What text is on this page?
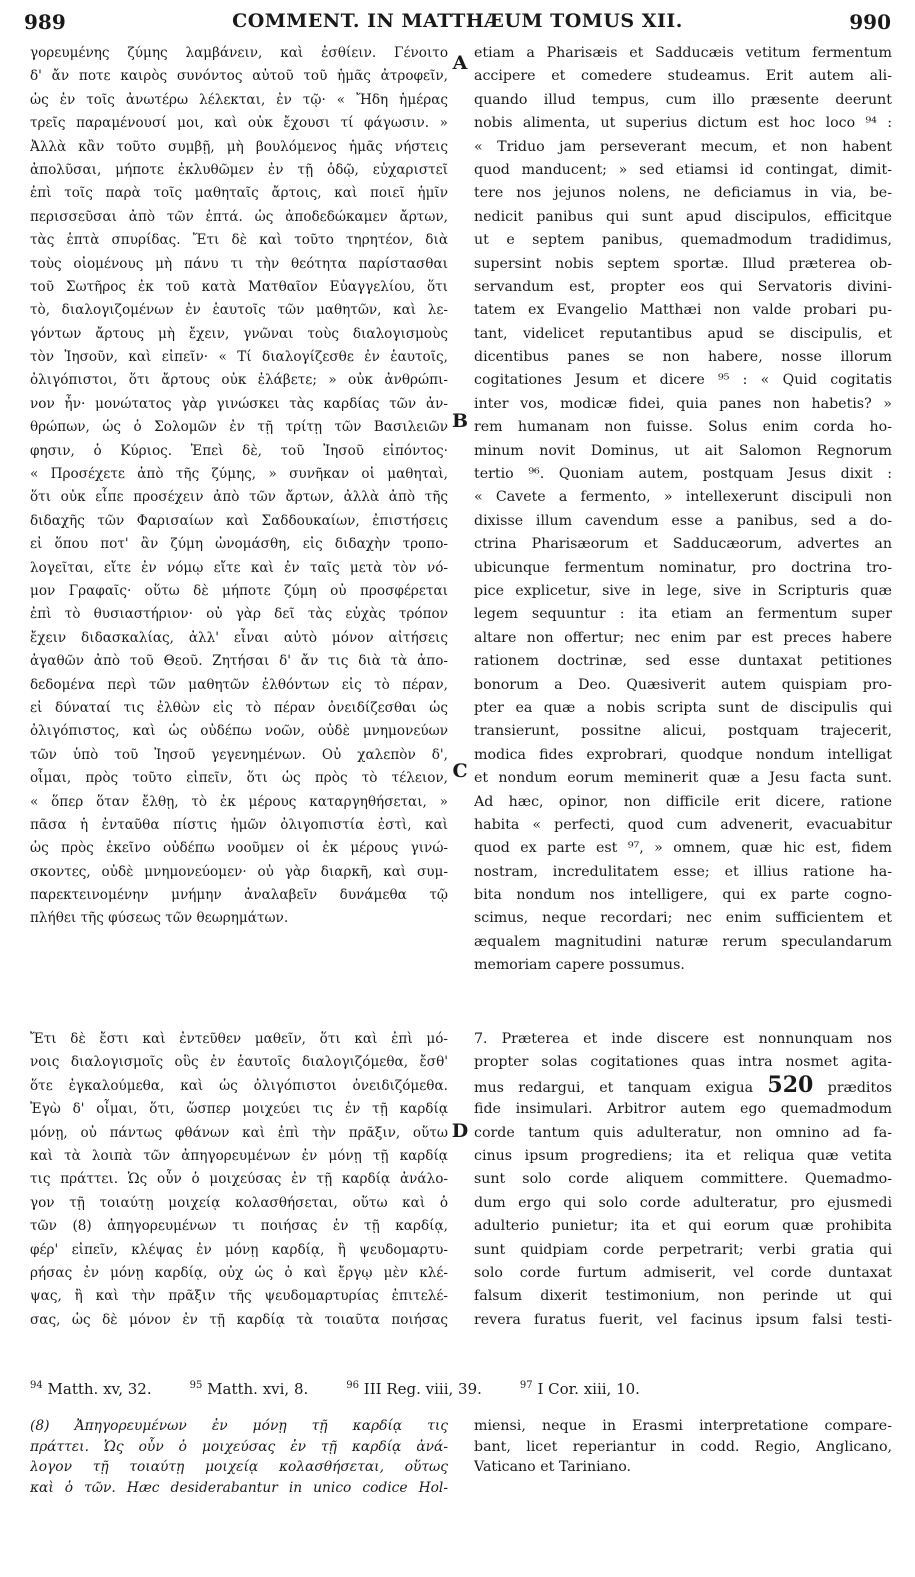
989	COMMENT. IN MATTHÆUM TOMUS XII.	990
γορευμένης ζύμης λαμβάνειν, καὶ ἐσθίειν. Γένοιτο
δ' ἄν ποτε καιρὸς συνόντος αὐτοῦ τοῦ ἡμᾶς ἀτροφεῖν,
ὡς ἐν τοῖς ἀνωτέρω λέλεκται, ἐν τῷ· « Ἤδη ἡμέρας
τρεῖς παραμένουσί μοι, καὶ οὐκ ἔχουσι τί φάγωσιν. »
Ἀλλὰ κἂν τοῦτο συμβῇ, μὴ βουλόμενος ἡμᾶς νήστεις
ἀπολῦσαι, μήποτε ἐκλυθῶμεν ἐν τῇ ὁδῷ, εὐχαριστεῖ
ἐπὶ τοῖς παρὰ τοῖς μαθηταῖς ἄρτοις, καὶ ποιεῖ ἡμῖν
περισσεῦσαι ἀπὸ τῶν ἑπτά. ὡς ἀποδεδώκαμεν ἄρτων,
τὰς ἑπτὰ σπυρίδας. Ἔτι δὲ καὶ τοῦτο τηρητέον, διὰ
τοὺς οἰομένους μὴ πάνυ τι τὴν θεότητα παρίστασθαι
τοῦ Σωτῆρος ἐκ τοῦ κατὰ Ματθαῖον Εὐαγγελίου, ὅτι
τὸ, διαλογιζομένων ἐν ἑαυτοῖς τῶν μαθητῶν, καὶ λε-
γόντων ἄρτους μὴ ἔχειν, γνῶναι τοὺς διαλογισμοὺς
τὸν Ἰησοῦν, καὶ εἰπεῖν· « Τί διαλογίζεσθε ἐν ἑαυτοῖς,
ὀλιγόπιστοι, ὅτι ἄρτους οὐκ ἐλάβετε; » οὐκ ἀνθρώπι-
νον ἦν· μονώτατος γὰρ γινώσκει τὰς καρδίας τῶν ἀν-
θρώπων, ὡς ὁ Σολομῶν ἐν τῇ τρίτῃ τῶν Βασιλειῶν
φησιν, ὁ Κύριος. Ἐπεὶ δὲ, τοῦ Ἰησοῦ εἰπόντος·
« Προσέχετε ἀπὸ τῆς ζύμης, » συνῆκαν οἱ μαθηταὶ,
ὅτι οὐκ εἶπε προσέχειν ἀπὸ τῶν ἄρτων, ἀλλὰ ἀπὸ τῆς
διδαχῆς τῶν Φαρισαίων καὶ Σαδδουκαίων, ἐπιστήσεις
εἰ ὅπου ποτ' ἂν ζύμη ὠνομάσθη, εἰς διδαχὴν τροπο-
λογεῖται, εἴτε ἐν νόμῳ εἴτε καὶ ἐν ταῖς μετὰ τὸν νό-
μον Γραφαῖς· οὕτω δὲ μήποτε ζύμη οὐ προσφέρεται
ἐπὶ τὸ θυσιαστήριον· οὐ γὰρ δεῖ τὰς εὐχὰς τρόπον
ἔχειν διδασκαλίας, ἀλλ' εἶναι αὐτὸ μόνον αἰτήσεις
ἀγαθῶν ἀπὸ τοῦ Θεοῦ. Ζητήσαι δ' ἄν τις διὰ τὰ ἀπο-
δεδομένα περὶ τῶν μαθητῶν ἐλθόντων εἰς τὸ πέραν,
εἰ δύναταί τις ἐλθὼν εἰς τὸ πέραν ὀνειδίζεσθαι ὡς
ὀλιγόπιστος, καὶ ὡς οὐδέπω νοῶν, οὐδὲ μνημονεύων
τῶν ὑπὸ τοῦ Ἰησοῦ γεγενημένων. Οὐ χαλεπὸν δ',
οἶμαι, πρὸς τοῦτο εἰπεῖν, ὅτι ὡς πρὸς τὸ τέλειον,
« ὅπερ ὅταν ἔλθῃ, τὸ ἐκ μέρους καταργηθήσεται, »
πᾶσα ἡ ἐνταῦθα πίστις ἡμῶν ὀλιγοπιστία ἐστὶ, καὶ
ὡς πρὸς ἐκεῖνο οὐδέπω νοοῦμεν οἱ ἐκ μέρους γινώ-
σκοντες, οὐδὲ μνημονεύομεν· οὐ γὰρ διαρκῆ, καὶ συμ-
παρεκτεινομένην μνήμην ἀναλαβεῖν δυνάμεθα τῷ
πλήθει τῆς φύσεως τῶν θεωρημάτων.
etiam a Pharisæis et Sadducæis vetitum fermentum
accipere et comedere studeamus. Erit autem ali-
quando illud tempus, cum illo præsente deerunt
nobis alimenta, ut superius dictum est hoc loco ⁹⁴ :
« Triduo jam perseverant mecum, et non habent
quod manducent; » sed etiamsi id contingat, dimit-
tere nos jejunos nolens, ne deficiamus in via, be-
nedicit panibus qui sunt apud discipulos, efficitque
ut e septem panibus, quemadmodum tradidimus,
supersint nobis septem sportæ. Illud præterea ob-
servandum est, propter eos qui Servatoris divini-
tatem ex Evangelio Matthæi non valde probari pu-
tant, videlicet reputantibus apud se discipulis, et
dicentibus panes se non habere, nosse illorum
cogitationes Jesum et dicere ⁹⁵ : « Quid cogitatis
inter vos, modicæ fidei, quia panes non habetis? »
rem humanam non fuisse. Solus enim corda ho-
minum novit Dominus, ut ait Salomon Regnorum
tertio ⁹⁶. Quoniam autem, postquam Jesus dixit :
« Cavete a fermento, » intellexerunt discipuli non
dixisse illum cavendum esse a panibus, sed a do-
ctrina Pharisæorum et Sadducæorum, advertes an
ubicunque fermentum nominatur, pro doctrina tro-
pice explicetur, sive in lege, sive in Scripturis quæ
legem sequuntur : ita etiam an fermentum super
altare non offertur; nec enim par est preces habere
rationem doctrinæ, sed esse duntaxat petitiones
bonorum a Deo. Quæsiverit autem quispiam pro-
pter ea quæ a nobis scripta sunt de discipulis qui
transierunt, possitne alicui, postquam trajecerit,
modica fides exprobrari, quodque nondum intelligat
et nondum eorum meminerit quæ a Jesu facta sunt.
Ad hæc, opinor, non difficile erit dicere, ratione
habita « perfecti, quod cum advenerit, evacuabitur
quod ex parte est ⁹⁷, » omnem, quæ hic est, fidem
nostram, incredulitatem esse; et illius ratione ha-
bita nondum nos intelligere, qui ex parte cogno-
scimus, neque recordari; nec enim sufficientem et
æqualem magnitudini naturæ rerum speculandarum
memoriam capere possumus.
A
B
C
D
Ἔτι δὲ ἔστι καὶ ἐντεῦθεν μαθεῖν, ὅτι καὶ ἐπὶ μό-
νοις διαλογισμοῖς οὓς ἐν ἑαυτοῖς διαλογιζόμεθα, ἔσθ'
ὅτε ἐγκαλούμεθα, καὶ ὡς ὀλιγόπιστοι ὀνειδιζόμεθα.
Ἐγὼ δ' οἶμαι, ὅτι, ὥσπερ μοιχεύει τις ἐν τῇ καρδίᾳ
μόνῃ, οὐ πάντως φθάνων καὶ ἐπὶ τὴν πρᾶξιν, οὕτω
καὶ τὰ λοιπὰ τῶν ἀπηγορευμένων ἐν μόνῃ τῇ καρδίᾳ
τις πράττει. Ὡς οὖν ὁ μοιχεύσας ἐν τῇ καρδίᾳ ἀνάλο-
γον τῇ τοιαύτῃ μοιχείᾳ κολασθήσεται, οὕτω καὶ ὁ
τῶν (8) ἀπηγορευμένων τι ποιήσας ἐν τῇ καρδίᾳ,
φέρ' εἰπεῖν, κλέψας ἐν μόνῃ καρδίᾳ, ἢ ψευδομαρτυ-
ρήσας ἐν μόνῃ καρδίᾳ, οὐχ ὡς ὁ καὶ ἔργῳ μὲν κλέ-
ψας, ἢ καὶ τὴν πρᾶξιν τῆς ψευδομαρτυρίας ἐπιτελέ-
σας, ὡς δὲ μόνον ἐν τῇ καρδίᾳ τὰ τοιαῦτα ποιήσας
7. Præterea et inde discere est nonnunquam nos
propter solas cogitationes quas intra nosmet agita-
mus redargui, et tanquam exigua 520 præditos
fide insimulari. Arbitror autem ego quemadmodum
corde tantum quis adulteratur, non omnino ad fa-
cinus ipsum progrediens; ita et reliqua quæ vetita
sunt solo corde aliquem committere. Quemadmo-
dum ergo qui solo corde adulteratur, pro ejusmedi
adulterio punietur; ita et qui eorum quæ prohibita
sunt quidpiam corde perpetrarit; verbi gratia qui
solo corde furtum admiserit, vel corde duntaxat
falsum dixerit testimonium, non perinde ut qui
revera furatus fuerit, vel facinus ipsum falsi testi-
$^{94}$ Matth. xv, 32.	$^{95}$ Matth. xvi, 8.	$^{96}$ III Reg. viii, 39.	$^{97}$ I Cor. xiii, 10.
(8) Ἀπηγορευμένων ἐν μόνῃ τῇ καρδίᾳ τις
πράττει. Ὡς οὖν ὁ μοιχεύσας ἐν τῇ καρδίᾳ ἀνά-
λογον τῇ τοιαύτῃ μοιχείᾳ κολασθήσεται, οὕτως
καὶ ὁ τῶν. Hæc desiderabantur in unico codice Hol-
miensi, neque in Erasmi interpretatione compare-
bant, licet reperiantur in codd. Regio, Anglicano,
Vaticano et Tariniano.
